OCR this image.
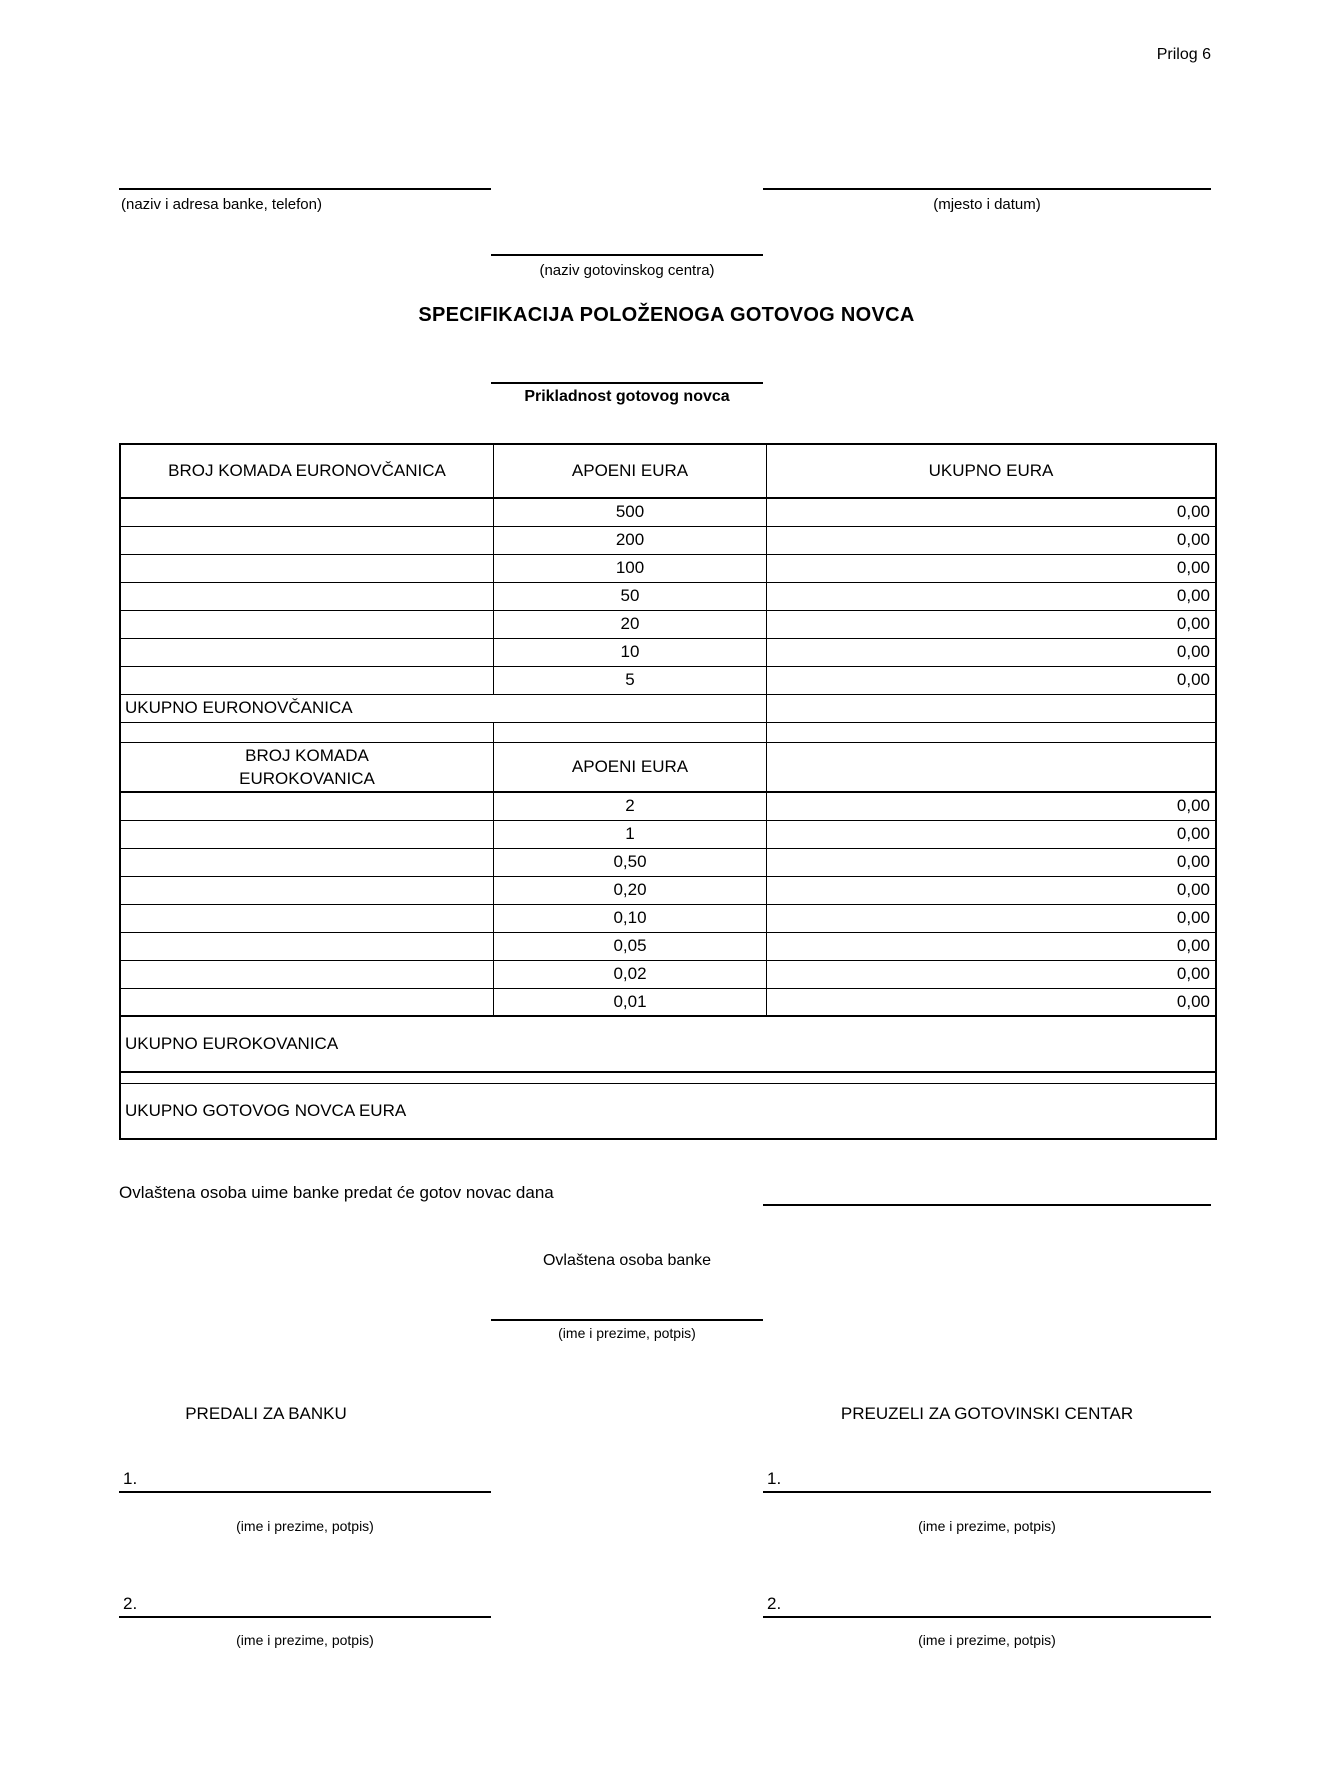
Prilog 6
(naziv i adresa banke, telefon)	(mjesto i datum)
(naziv gotovinskog centra)
SPECIFIKACIJA POLOŽENOGA GOTOVOG NOVCA
Prikladnost gotovog novca
BROJ KOMADA EURONOVČANICA	APOENI EURA	UKUPNO EURA
	500	0,00
	200	0,00
	100	0,00
	50	0,00
	20	0,00
	10	0,00
	5	0,00
UKUPNO EURONOVČANICA		

BROJ KOMADA
EUROKOVANICA	APOENI EURA	
	2	0,00
	1	0,00
	0,50	0,00
	0,20	0,00
	0,10	0,00
	0,05	0,00
	0,02	0,00
	0,01	0,00
UKUPNO EUROKOVANICA		

UKUPNO GOTOVOG NOVCA EURA		
Ovlaštena osoba uime banke predat će gotov novac dana
Ovlaštena osoba banke
(ime i prezime, potpis)
PREDALI ZA BANKU	PREUZELI ZA GOTOVINSKI CENTAR
1.
(ime i prezime, potpis)
1.
(ime i prezime, potpis)
2.
(ime i prezime, potpis)
2.
(ime i prezime, potpis)
